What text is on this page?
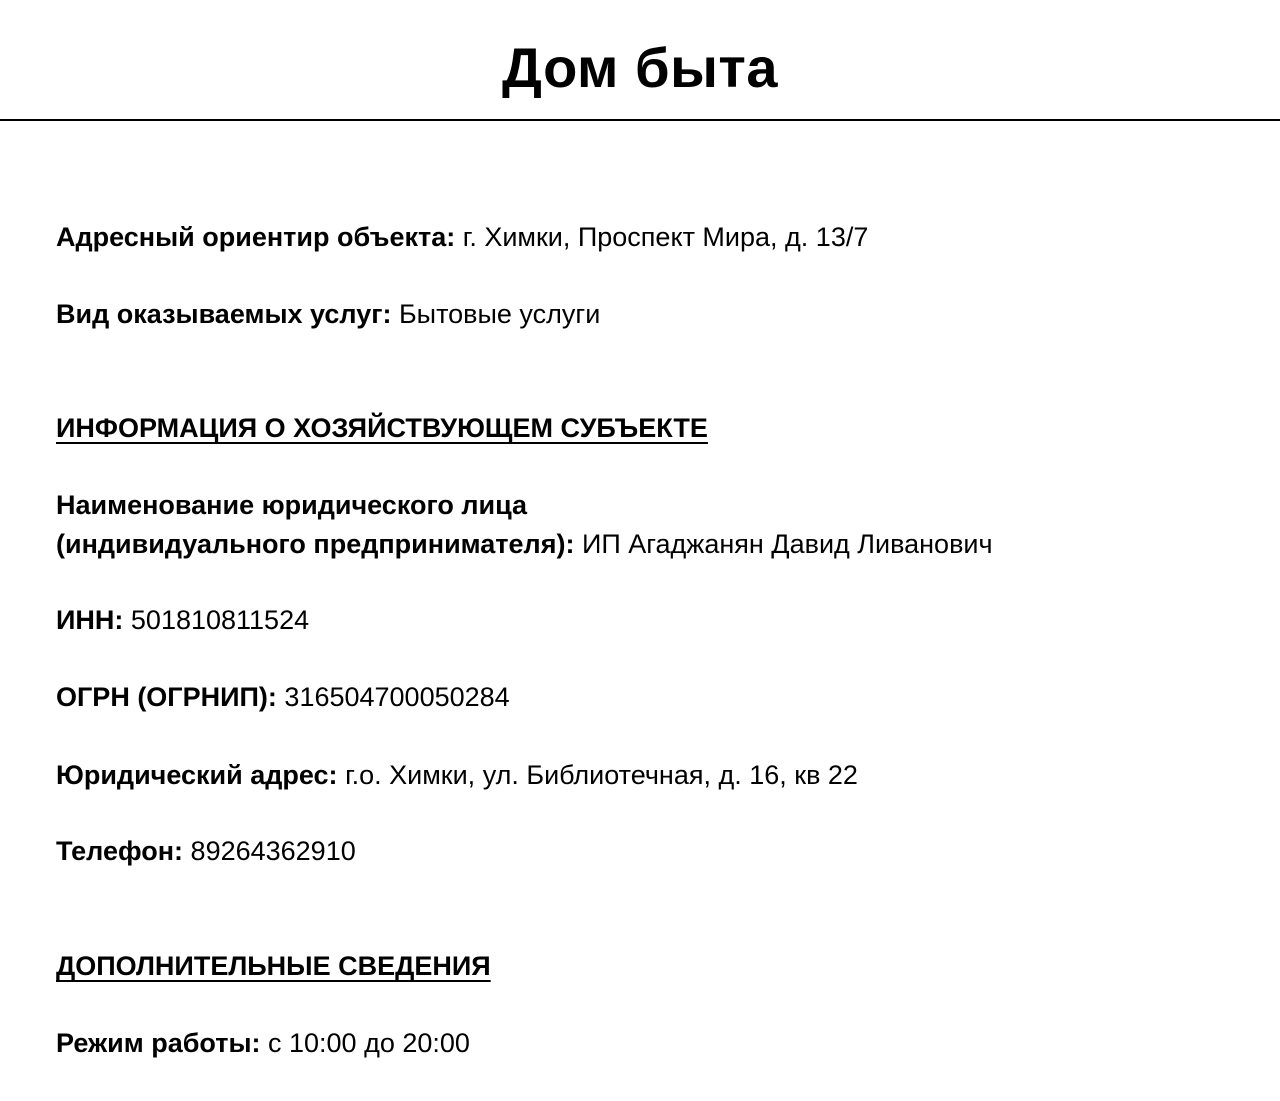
Дом быта
Адресный ориентир объекта: г. Химки, Проспект Мира, д. 13/7
Вид оказываемых услуг: Бытовые услуги
ИНФОРМАЦИЯ О ХОЗЯЙСТВУЮЩЕМ СУБЪЕКТЕ
Наименование юридического лица
(индивидуального предпринимателя): ИП Агаджанян Давид Ливанович
ИНН: 501810811524
ОГРН (ОГРНИП): 316504700050284
Юридический адрес: г.о. Химки, ул. Библиотечная, д. 16, кв 22
Телефон: 89264362910
ДОПОЛНИТЕЛЬНЫЕ СВЕДЕНИЯ
Режим работы: с 10:00 до 20:00
